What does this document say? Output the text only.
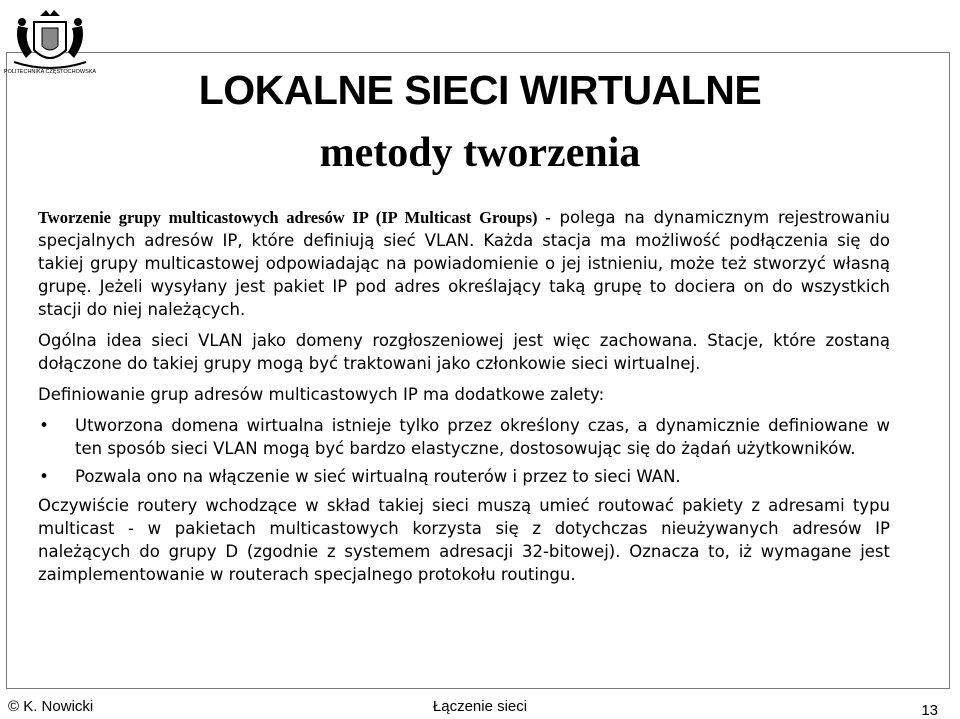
POLITECHNIKA CZĘSTOCHOWSKA	LOKALNE SIECI WIRTUALNE
metody tworzenia

Tworzenie grupy multicastowych adresów IP (IP Multicast Groups) - polega na dynamicznym rejestrowaniu specjalnych adresów IP, które definiują sieć VLAN. Każda stacja ma możliwość podłączenia się do takiej grupy multicastowej odpowiadając na powiadomienie o jej istnieniu, może też stworzyć własną grupę. Jeżeli wysyłany jest pakiet IP pod adres określający taką grupę to dociera on do wszystkich stacji do niej należących.

Ogólna idea sieci VLAN jako domeny rozgłoszeniowej jest więc zachowana. Stacje, które zostaną dołączone do takiej grupy mogą być traktowani jako członkowie sieci wirtualnej.

Definiowanie grup adresów multicastowych IP ma dodatkowe zalety:

• Utworzona domena wirtualna istnieje tylko przez określony czas, a dynamicznie definiowane w ten sposób sieci VLAN mogą być bardzo elastyczne, dostosowując się do żądań użytkowników.
• Pozwala ono na włączenie w sieć wirtualną routerów i przez to sieci WAN.

Oczywiście routery wchodzące w skład takiej sieci muszą umieć routować pakiety z adresami typu multicast - w pakietach multicastowych korzysta się z dotychczas nieużywanych adresów IP należących do grupy D (zgodnie z systemem adresacji 32-bitowej). Oznacza to, iż wymagane jest zaimplementowanie w routerach specjalnego protokołu routingu.

© K. Nowicki	Łączenie sieci	13
